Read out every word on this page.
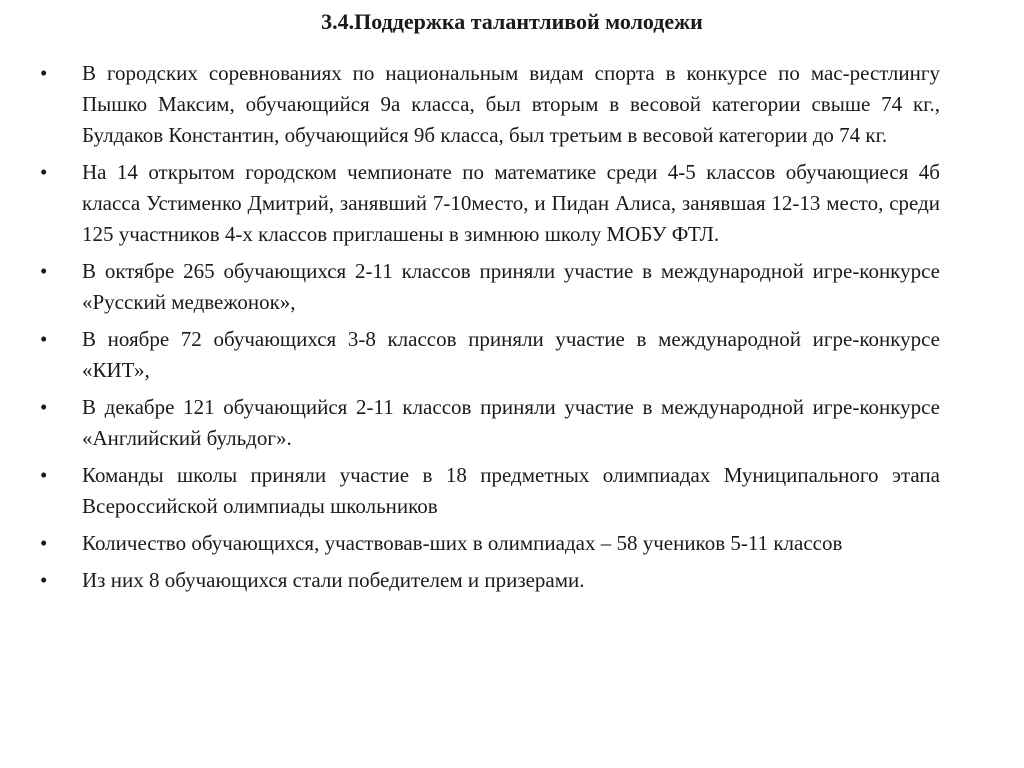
3.4.Поддержка талантливой молодежи
•	В городских соревнованиях по национальным видам спорта в конкурсе по мас-рестлингу Пышко Максим, обучающийся 9а класса, был вторым в весовой категории свыше 74 кг., Булдаков Константин, обучающийся 9б класса, был третьим в весовой категории до 74 кг.
•	На 14 открытом городском чемпионате по математике среди 4-5 классов обучающиеся 4б класса Устименко Дмитрий, занявший 7-10место, и Пидан Алиса, занявшая 12-13 место, среди 125 участников 4-х классов приглашены в зимнюю школу МОБУ ФТЛ.
•	В октябре 265 обучающихся 2-11 классов приняли участие в международной игре-конкурсе «Русский медвежонок»,
•	В ноябре 72 обучающихся 3-8 классов приняли участие в международной игре-конкурсе «КИТ»,
•	В декабре 121 обучающийся 2-11 классов приняли участие в международной игре-конкурсе «Английский бульдог».
•	Команды школы приняли участие в 18 предметных олимпиадах Муниципального этапа Всероссийской олимпиады школьников
•	Количество обучающихся, участвовав-ших в олимпиадах – 58 учеников 5-11 классов
•	Из них 8 обучающихся стали победителем и призерами.
